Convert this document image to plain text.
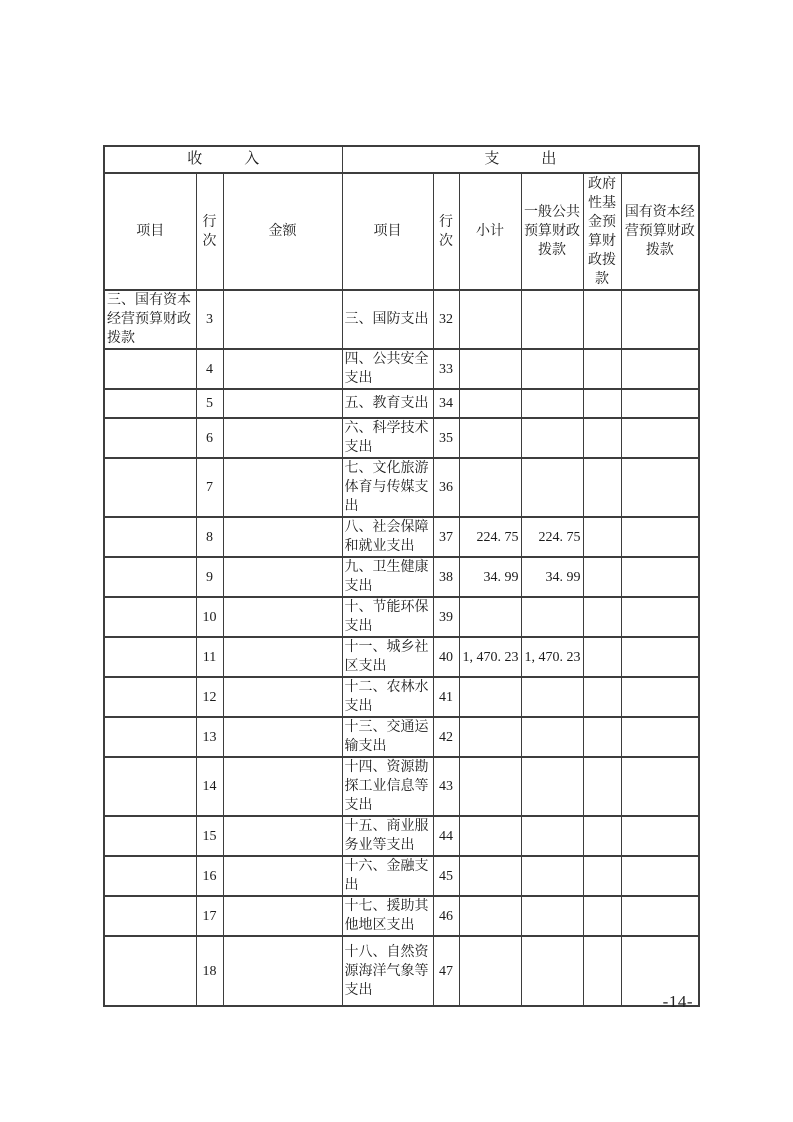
收入			支出					
项目	行次	金额	项目	行次	小计	一般公共预算财政拨款	政府性基金预算财政拨款	国有资本经营预算财政拨款
三、国有资本经营预算财政拨款	3		三、国防支出	32				
	4		四、公共安全支出	33				
	5		五、教育支出	34				
	6		六、科学技术支出	35				
	7		七、文化旅游体育与传媒支出	36				
	8		八、社会保障和就业支出	37	224. 75	224. 75		
	9		九、卫生健康支出	38	34. 99	34. 99		
	10		十、节能环保支出	39				
	11		十一、城乡社区支出	40	1, 470. 23	1, 470. 23		
	12		十二、农林水支出	41				
	13		十三、交通运输支出	42				
	14		十四、资源勘探工业信息等支出	43				
	15		十五、商业服务业等支出	44				
	16		十六、金融支出	45				
	17		十七、援助其他地区支出	46				
	18		十八、自然资源海洋气象等支出	47				
-14-
